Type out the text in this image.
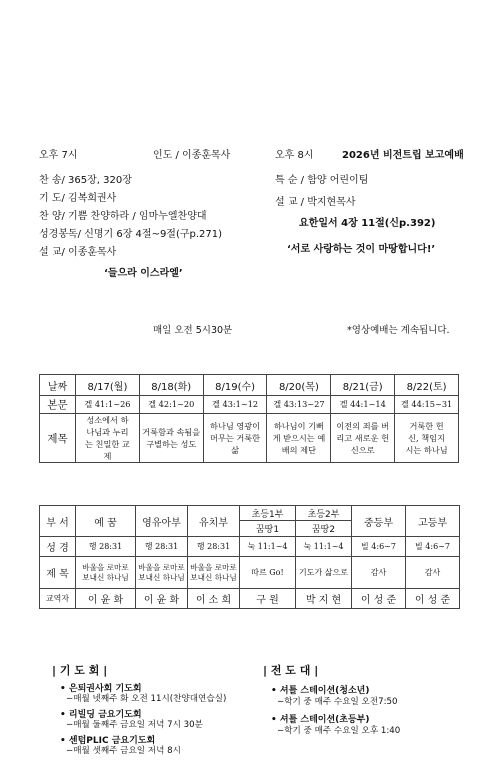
오후 7시	인도 / 이종훈목사
찬 송/ 365장, 320장
기 도/ 김복희권사
찬 양/ 기쁨 찬양하라 / 임마누엘찬양대
성경봉독/ 신명기 6장 4절~9절(구p.271)
설 교/ 이종훈목사
‘들으라 이스라엘’
오후 8시	2026년 비전트립 보고예배
특 순 / 함양 어린이팀
설 교 / 박지현목사
요한일서 4장 11절(신p.392)
‘서로 사랑하는 것이 마땅합니다!’
매일 오전 5시30분	*영상예배는 계속됩니다.
날짜	8/17(월)	8/18(화)	8/19(수)	8/20(목)	8/21(금)	8/22(토)
본문	겔 41:1~26	겔 42:1~20	겔 43:1~12	겔 43:13~27	겔 44:1~14	겔 44:15~31
제목	성소에서 하나님과 누리는 친밀한 교제	거룩함과 속됨을 구별하는 성도	하나님 영광이 머무는 거룩한 삶	하나님이 기뻐게 받으시는 예배의 제단	이전의 죄를 버리고 새로운 헌신으로	거룩한 헌신, 책임지시는 하나님
부 서	예 꿈	영유아부	유치부	초등1부	초등2부	중등부	고등부
				꿈땅1	꿈땅2		
성 경	행 28:31	행 28:31	행 28:31	눅 11:1~4	눅 11:1~4	빌 4:6~7	빌 4:6~7
제 목	바울을 로마로 보내신 하나님	바울을 로마로 보내신 하나님	바울을 로마로 보내신 하나님	따르 Go!	기도가 삶으로	감사	감사
교역자	이 윤 화	이 윤 화	이 소 희	구 원	박 지 현	이 성 준	이 성 준
| 기 도 회 |
• 은퇴권사회 기도회
−매월 넷째주 화 오전 11시(찬양대연습실)
• 리빌딩 금요기도회
−매월 둘째주 금요일 저녁 7시 30분
• 센텀PLIC 금요기도회
−매월 셋째주 금요일 저녁 8시
| 전 도 대 |
• 셔틀 스테이션(청소년)
−학기 중 매주 수요일 오전7:50
• 셔틀 스테이션(초등부)
−학기 중 매주 수요일 오후 1:40
